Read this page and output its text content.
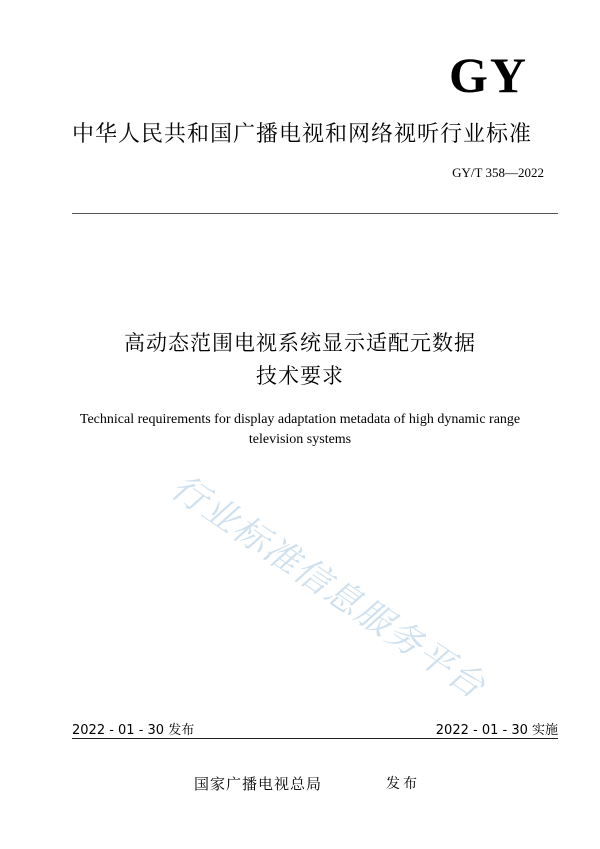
GY
中华人民共和国广播电视和网络视听行业标准
GY/T 358—2022
高动态范围电视系统显示适配元数据
技术要求
Technical requirements for display adaptation metadata of high dynamic range
television systems
行业标准信息服务平台
2022 - 01 - 30 发布	2022 - 01 - 30 实施
国家广播电视总局	发布
